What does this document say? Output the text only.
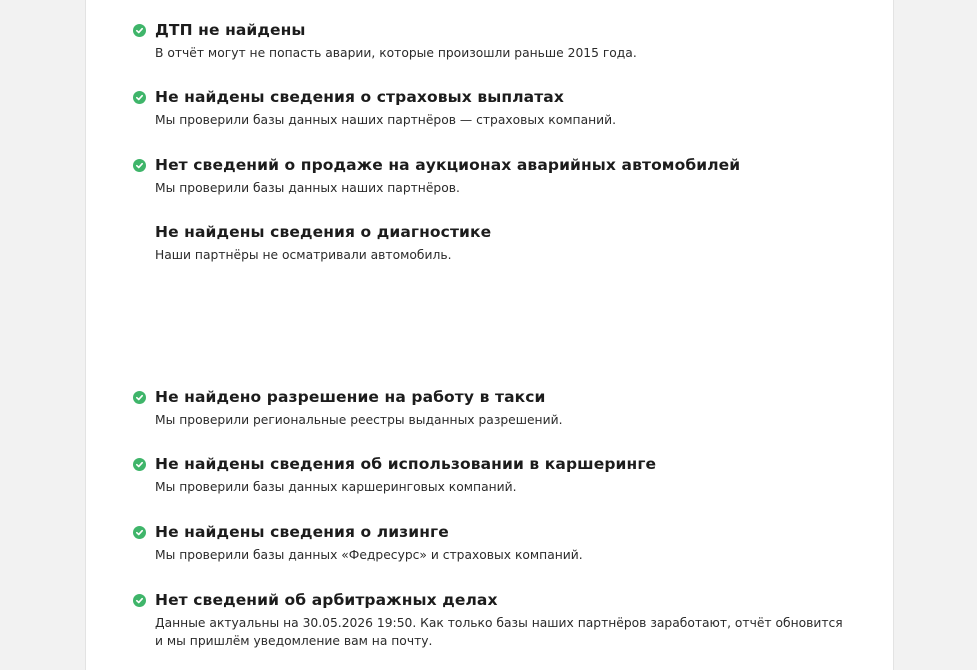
ДТП не найдены
В отчёт могут не попасть аварии, которые произошли раньше 2015 года.
Не найдены сведения о страховых выплатах
Мы проверили базы данных наших партнёров — страховых компаний.
Нет сведений о продаже на аукционах аварийных автомобилей
Мы проверили базы данных наших партнёров.
Не найдены сведения о диагностике
Наши партнёры не осматривали автомобиль.
Не найдено разрешение на работу в такси
Мы проверили региональные реестры выданных разрешений.
Не найдены сведения об использовании в каршеринге
Мы проверили базы данных каршеринговых компаний.
Не найдены сведения о лизинге
Мы проверили базы данных «Федресурс» и страховых компаний.
Нет сведений об арбитражных делах
Данные актуальны на 30.05.2026 19:50. Как только базы наших партнёров заработают, отчёт обновится
и мы пришлём уведомление вам на почту.
